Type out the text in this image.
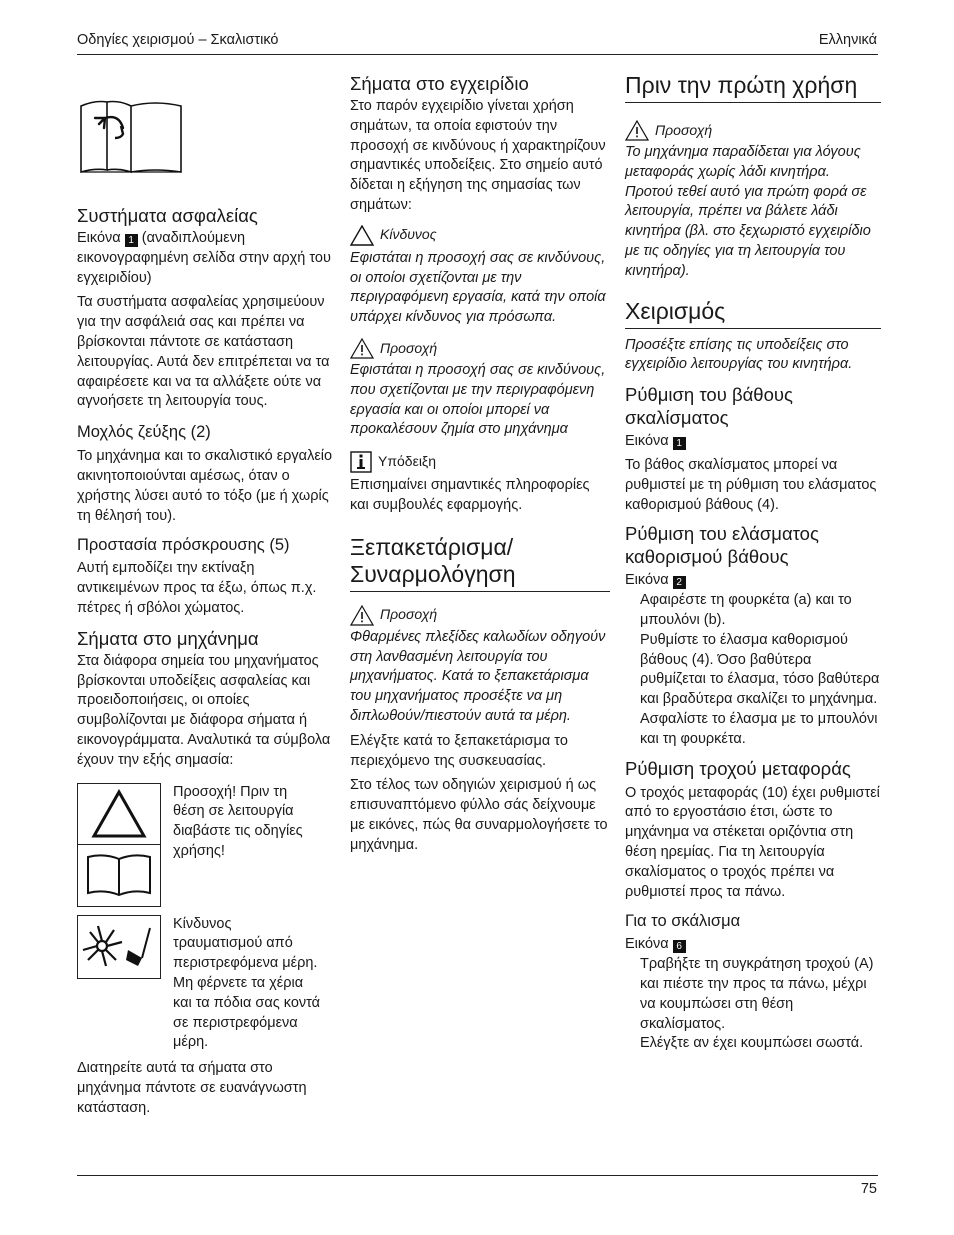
Οδηγίες χειρισμού – Σκαλιστικό	Ελληνικά
Συστήματα ασφαλείας
Εικόνα 1 (αναδιπλούμενη εικονογραφημένη σελίδα στην αρχή του εγχειριδίου)

Τα συστήματα ασφαλείας χρησιμεύουν για την ασφάλειά σας και πρέπει να βρίσκονται πάντοτε σε κατάσταση λειτουργίας. Αυτά δεν επιτρέπεται να τα αφαιρέσετε και να τα αλλάξετε ούτε να αγνοήσετε τη λειτουργία τους.

Μοχλός ζεύξης (2)

Το μηχάνημα και το σκαλιστικό εργαλείο ακινητοποιούνται αμέσως, όταν ο χρήστης λύσει αυτό το τόξο (με ή χωρίς τη θέλησή του).

Προστασία πρόσκρουσης (5)

Αυτή εμποδίζει την εκτίναξη αντικειμένων προς τα έξω, όπως π.χ. πέτρες ή σβόλοι χώματος.

Σήματα στο μηχάνημα

Στα διάφορα σημεία του μηχανήματος βρίσκονται υποδείξεις ασφαλείας και προειδοποιήσεις, οι οποίες συμβολίζονται με διάφορα σήματα ή εικονογράμματα. Αναλυτικά τα σύμβολα έχουν την εξής σημασία:

Προσοχή! Πριν τη θέση σε λειτουργία διαβάστε τις οδηγίες χρήσης!
Κίνδυνος τραυματισμού από περιστρεφόμενα μέρη. Μη φέρνετε τα χέρια και τα πόδια σας κοντά σε περιστρεφόμενα μέρη.

Διατηρείτε αυτά τα σήματα στο μηχάνημα πάντοτε σε ευανάγνωστη κατάσταση.

Σήματα στο εγχειρίδιο

Στο παρόν εγχειρίδιο γίνεται χρήση σημάτων, τα οποία εφιστούν την προσοχή σε κινδύνους ή χαρακτηρίζουν σημαντικές υποδείξεις. Στο σημείο αυτό δίδεται η εξήγηση της σημασίας των σημάτων:

Κίνδυνος

Εφιστάται η προσοχή σας σε κινδύνους, οι οποίοι σχετίζονται με την περιγραφόμενη εργασία, κατά την οποία υπάρχει κίνδυνος για πρόσωπα.

Προσοχή

Εφιστάται η προσοχή σας σε κινδύνους, που σχετίζονται με την περιγραφόμενη εργασία και οι οποίοι μπορεί να προκαλέσουν ζημία στο μηχάνημα

Υπόδειξη

Επισημαίνει σημαντικές πληροφορίες και συμβουλές εφαρμογής.

Ξεπακετάρισμα/ Συναρμολόγηση
Προσοχή

Φθαρμένες πλεξίδες καλωδίων οδηγούν στη λανθασμένη λειτουργία του μηχανήματος. Κατά το ξεπακετάρισμα του μηχανήματος προσέξτε να μη διπλωθούν/πιεστούν αυτά τα μέρη.

Ελέγξτε κατά το ξεπακετάρισμα το περιεχόμενο της συσκευασίας.

Στο τέλος των οδηγιών χειρισμού ή ως επισυναπτόμενο φύλλο σάς δείχνουμε με εικόνες, πώς θα συναρμολογήσετε το μηχάνημα.

Πριν την πρώτη χρήση
Προσοχή

Το μηχάνημα παραδίδεται για λόγους μεταφοράς χωρίς λάδι κινητήρα.

Προτού τεθεί αυτό για πρώτη φορά σε λειτουργία, πρέπει να βάλετε λάδι κινητήρα (βλ. στο ξεχωριστό εγχειρίδιο με τις οδηγίες για τη λειτουργία του κινητήρα).

Χειρισμός

Προσέξτε επίσης τις υποδείξεις στο εγχειρίδιο λειτουργίας του κινητήρα.

Ρύθμιση του βάθους σκαλίσματος
Εικόνα 1

Το βάθος σκαλίσματος μπορεί να ρυθμιστεί με τη ρύθμιση του ελάσματος καθορισμού βάθους (4).

Ρύθμιση του ελάσματος καθορισμού βάθους
Εικόνα 2

Αφαιρέστε τη φουρκέτα (a) και το μπουλόνι (b).

Ρυθμίστε το έλασμα καθορισμού βάθους (4). Όσο βαθύτερα ρυθμίζεται το έλασμα, τόσο βαθύτερα και βραδύτερα σκαλίζει το μηχάνημα.

Ασφαλίστε το έλασμα με το μπουλόνι και τη φουρκέτα.

Ρύθμιση τροχού μεταφοράς

Ο τροχός μεταφοράς (10) έχει ρυθμιστεί από το εργοστάσιο έτσι, ώστε το μηχάνημα να στέκεται οριζόντια στη θέση ηρεμίας. Για τη λειτουργία σκαλίσματος ο τροχός πρέπει να ρυθμιστεί προς τα πάνω.

Για το σκάλισμα
Εικόνα 6

Τραβήξτε τη συγκράτηση τροχού (A) και πιέστε την προς τα πάνω, μέχρι να κουμπώσει στη θέση σκαλίσματος.

Ελέγξτε αν έχει κουμπώσει σωστά.

75
